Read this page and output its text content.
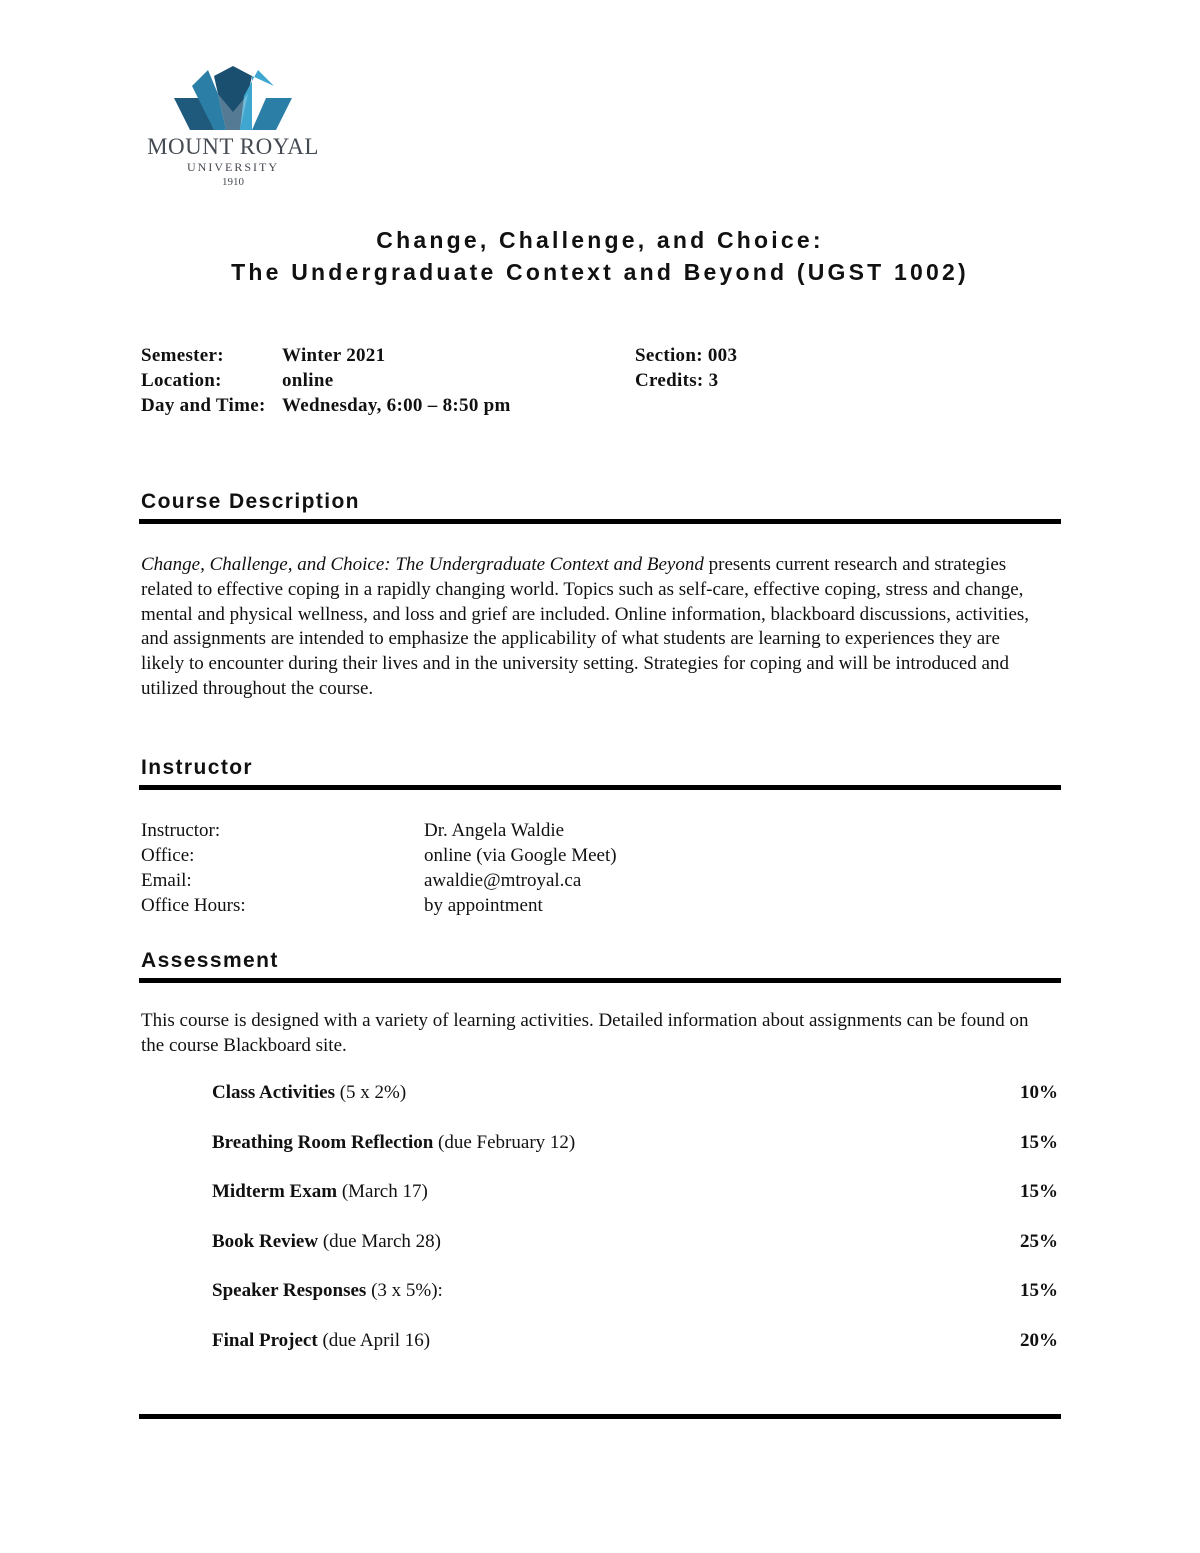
MOUNT ROYAL
UNIVERSITY
1910
Change, Challenge, and Choice:
The Undergraduate Context and Beyond (UGST 1002)
Semester:	Winter 2021
Location:	online
Day and Time: Wednesday, 6:00 – 8:50 pm
Section: 003
Credits: 3
Course Description
Change, Challenge, and Choice: The Undergraduate Context and Beyond presents current research and strategies related to effective coping in a rapidly changing world. Topics such as self-care, effective coping, stress and change, mental and physical wellness, and loss and grief are included. Online information, blackboard discussions, activities, and assignments are intended to emphasize the applicability of what students are learning to experiences they are likely to encounter during their lives and in the university setting. Strategies for coping and will be introduced and utilized throughout the course.
Instructor
Instructor:	Dr. Angela Waldie
Office:	online (via Google Meet)
Email:	awaldie@mtroyal.ca
Office Hours:	by appointment
Assessment
This course is designed with a variety of learning activities. Detailed information about assignments can be found on the course Blackboard site.
Class Activities (5 x 2%)	10%
Breathing Room Reflection (due February 12)	15%
Midterm Exam (March 17)	15%
Book Review (due March 28)	25%
Speaker Responses (3 x 5%):	15%
Final Project (due April 16)	20%
